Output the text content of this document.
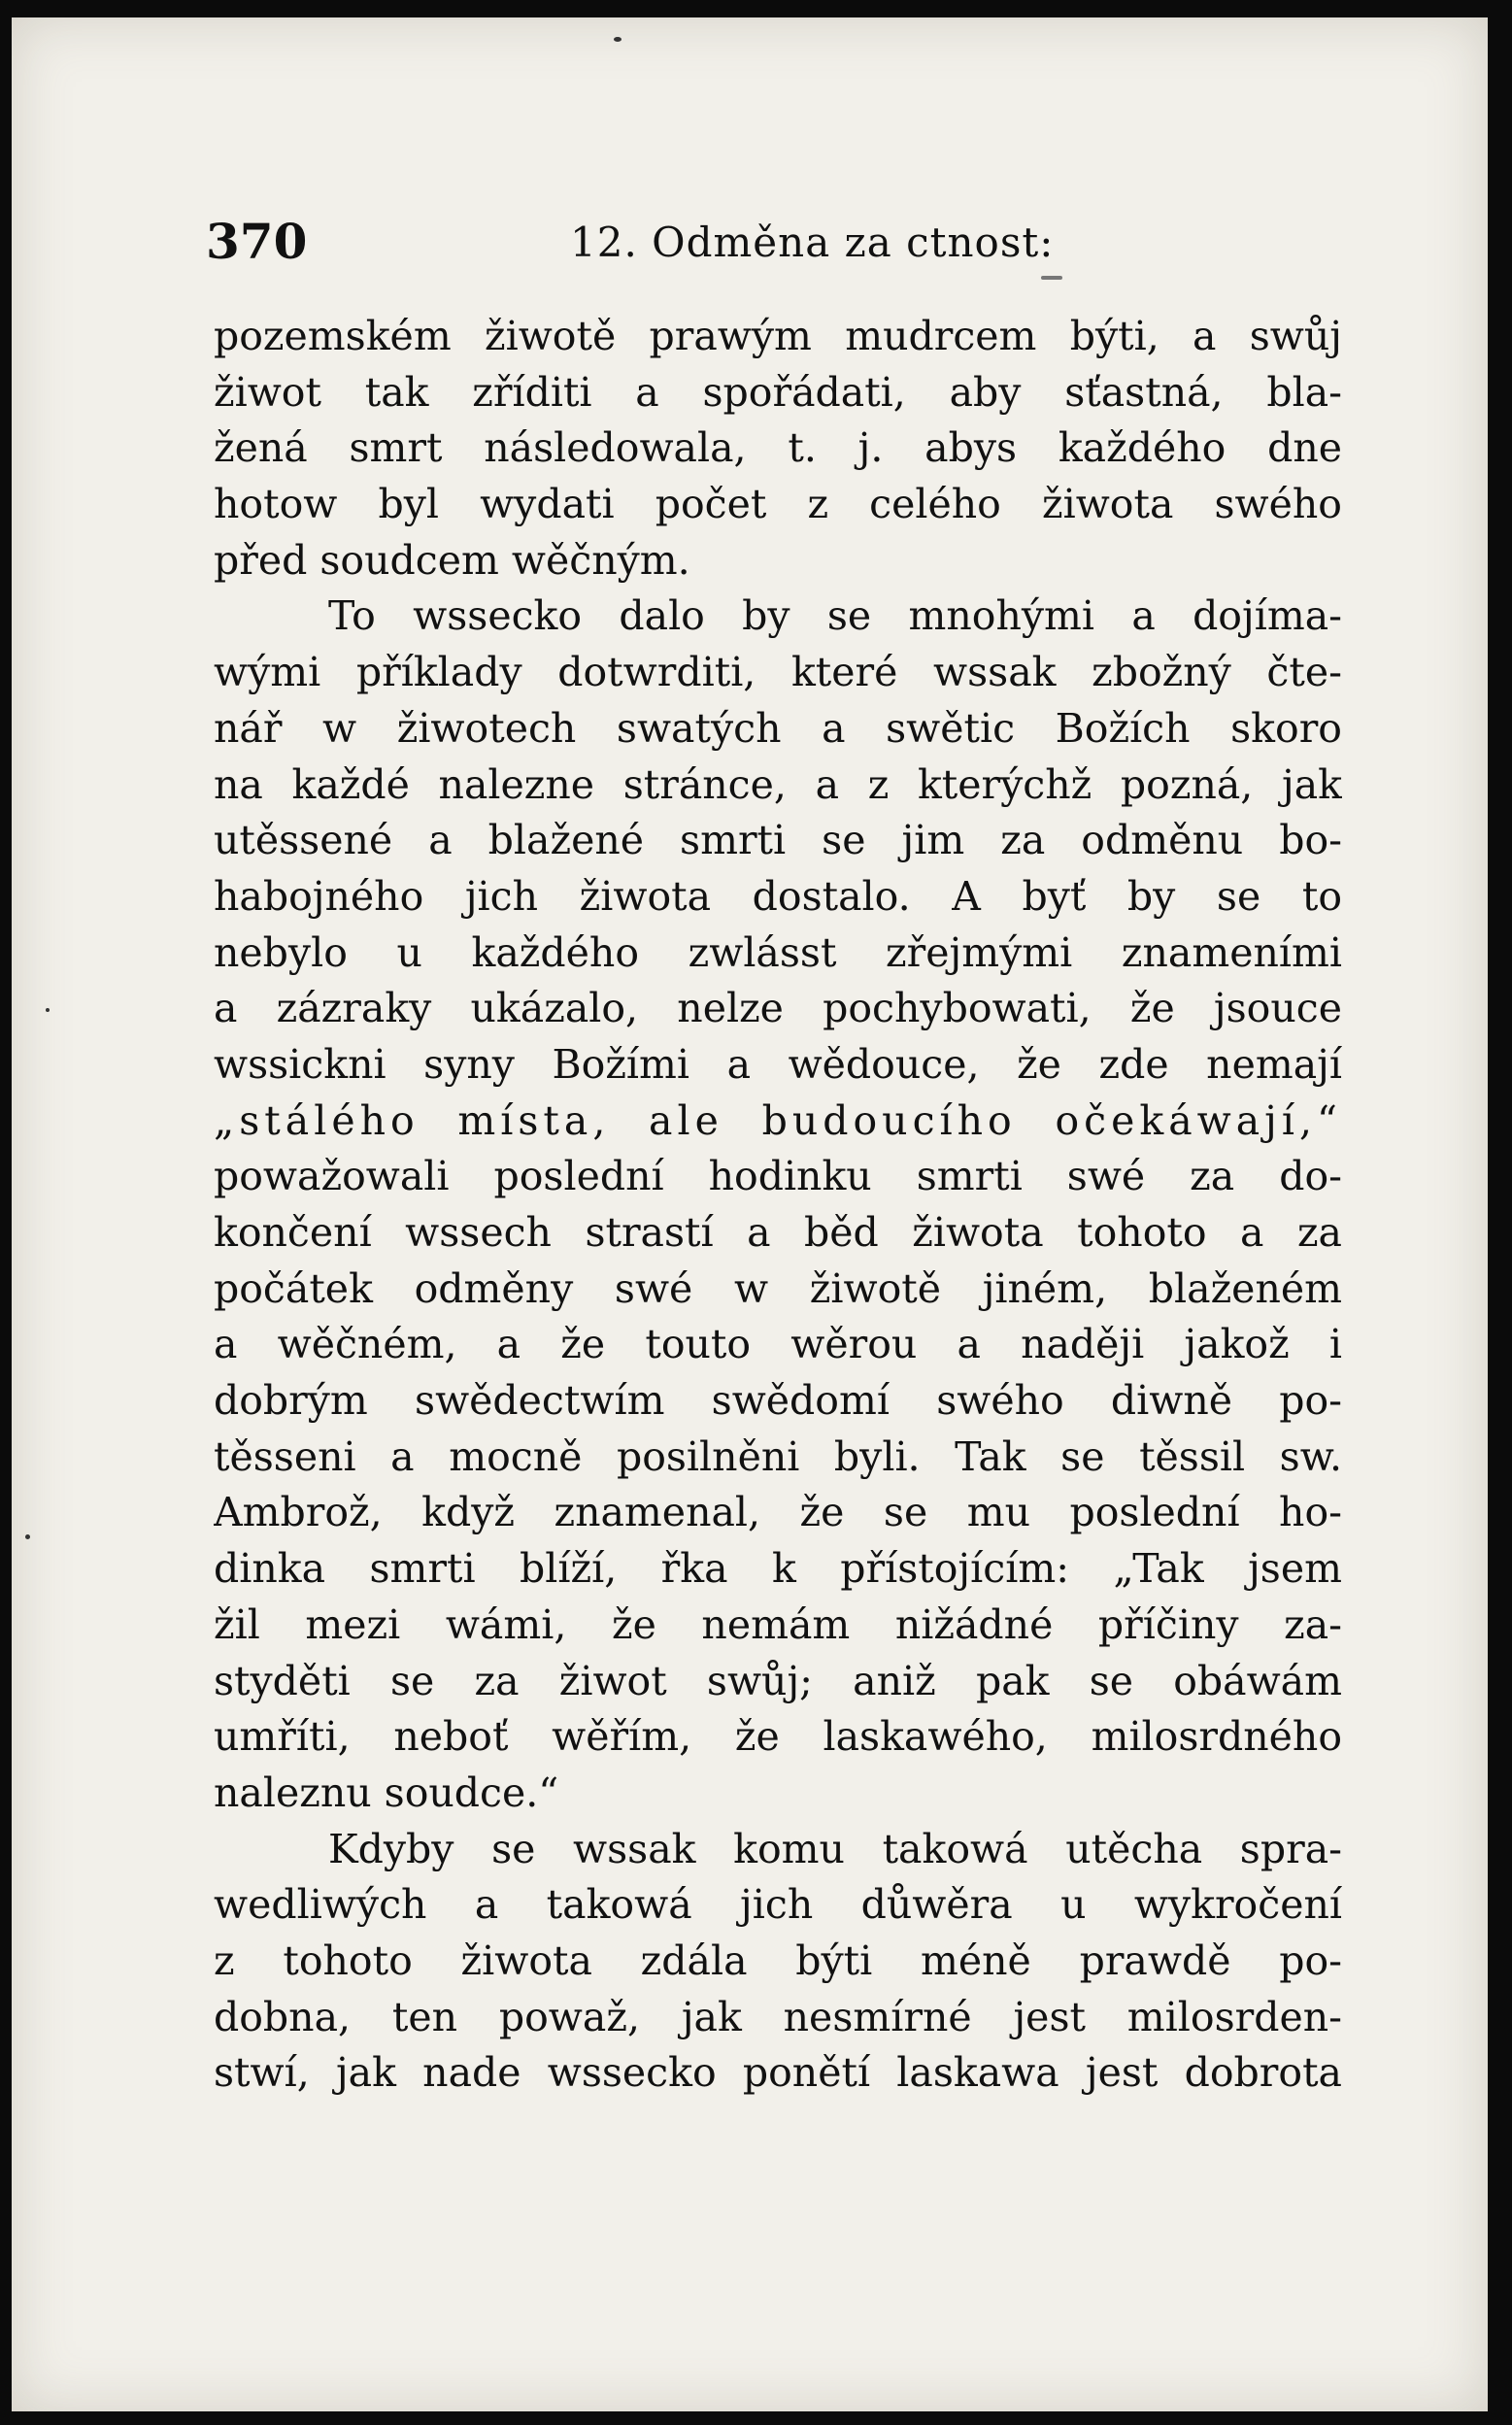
370	12. Odměna za ctnost:
pozemském žiwotě prawým mudrcem býti, a swůj
žiwot tak zříditi a spořádati, aby sťastná, bla-
žená smrt následowala, t. j. abys každého dne
hotow byl wydati počet z celého žiwota swého
před soudcem wěčným.
To wsseckо dalo by se mnohými a dojíma-
wými příklady dotwrditi, které wssak zbožný čte-
nář w žiwotech swatých a swětic Božích skoro
na každé nalezne stránce, a z kterýchž pozná, jak
utěssené a blažené smrti se jim za odměnu bo-
habojného jich žiwota dostalo. A byť by se to
nebylo u každého zwlásst zřejmými znameními
a zázraky ukázalo, nelze pochybowati, že jsouce
wssickni syny Božími a wědouce, že zde nemají
„stálého místa, ale budoucího očekáwají,“
powažowali poslední hodinku smrti swé za do-
končení wssech strastí a běd žiwota tohoto a za
počátek odměny swé w žiwotě jiném, blaženém
a wěčném, a že touto wěrou a naději jakož i
dobrým swědectwím swědomí swého diwně po-
těsseni a mocně posilněni byli. Tak se těssil sw.
Ambrož, když znamenal, že se mu poslední ho-
dinka smrti blíží, řka k přístojícím: „Tak jsem
žil mezi wámi, že nemám nižádné příčiny za-
styděti se za žiwot swůj; aniž pak se obáwám
umříti, neboť wěřím, že laskawého, milosrdného
naleznu soudce.“
Kdyby se wssak komu takowá utěcha spra-
wedliwých a takowá jich důwěra u wykročení
z tohoto žiwota zdála býti méně prawdě po-
dobna, ten powaž, jak nesmírné jest milosrden-
stwí, jak nade wsseckо ponětí laskawa jest dobrota
